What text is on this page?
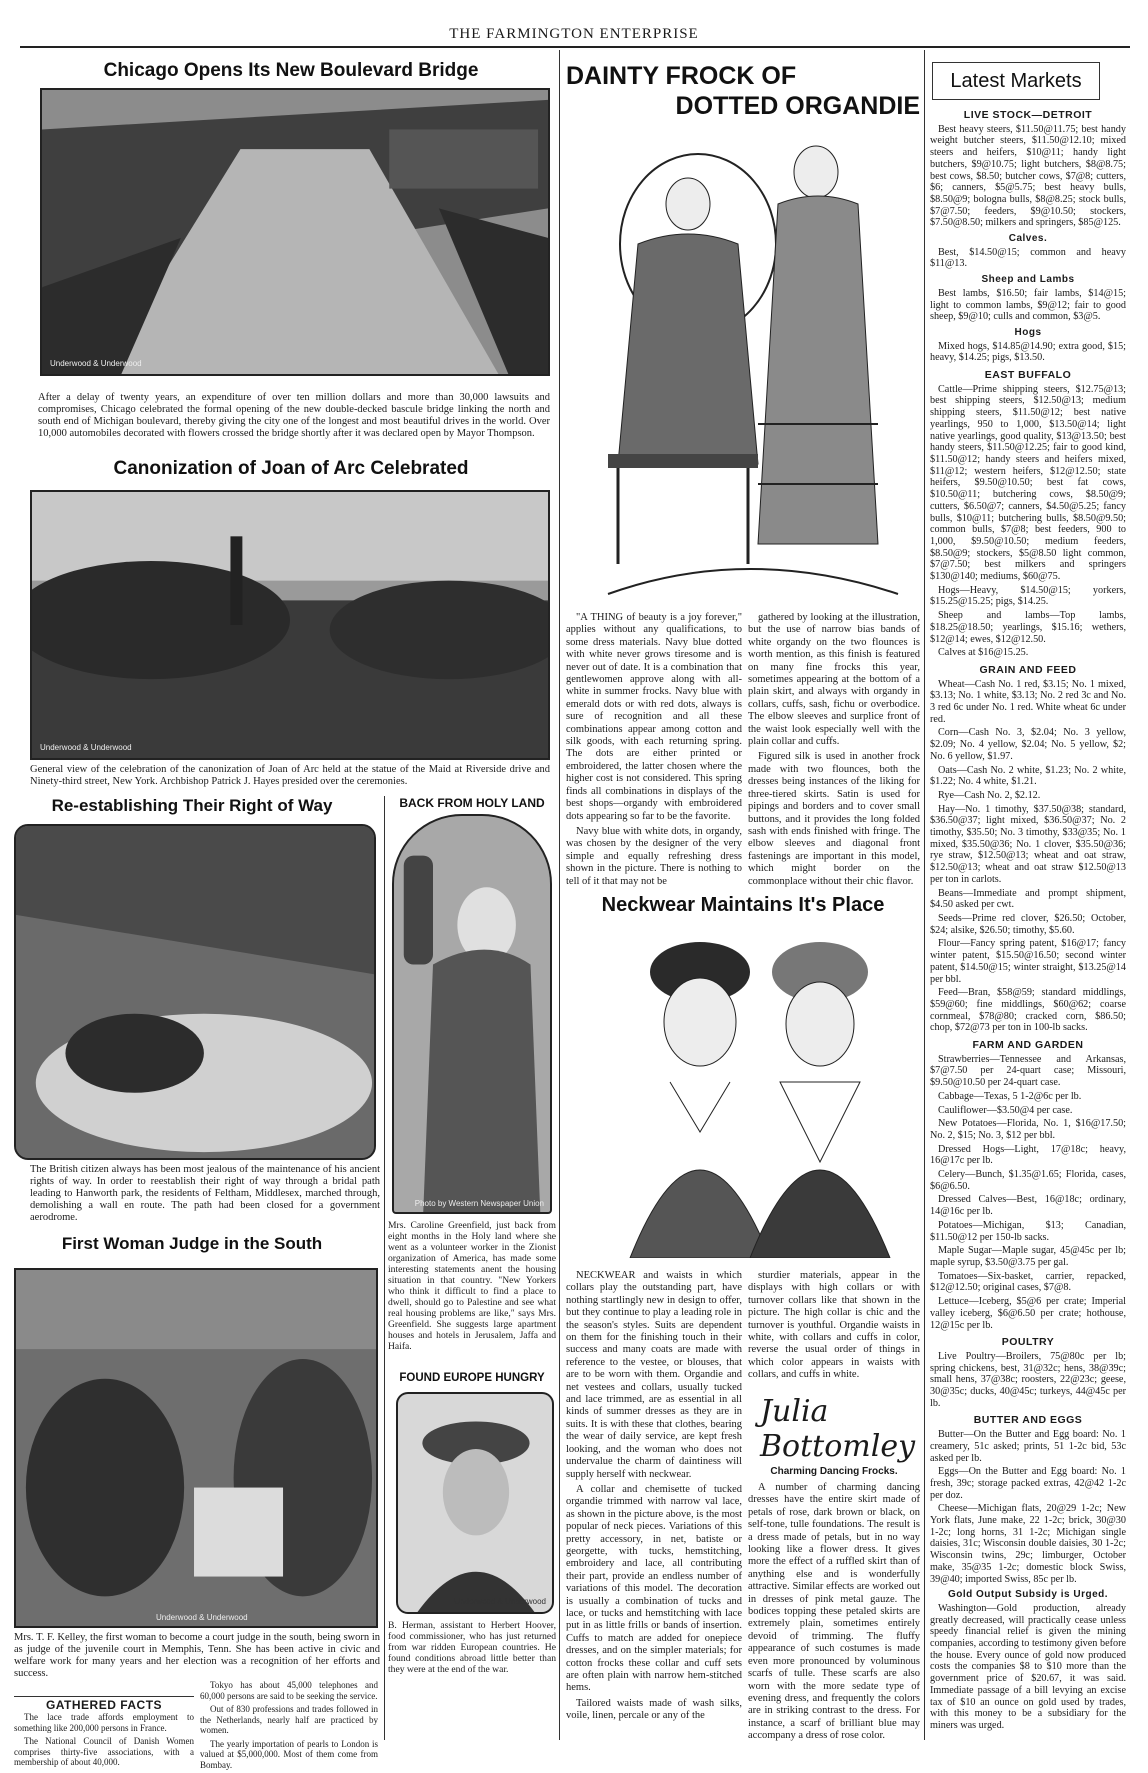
THE FARMINGTON ENTERPRISE
Chicago Opens Its New Boulevard Bridge
Underwood & Underwood
After a delay of twenty years, an expenditure of over ten million dollars and more than 30,000 lawsuits and compromises, Chicago celebrated the formal opening of the new double-decked bascule bridge linking the north and south end of Michigan boulevard, thereby giving the city one of the longest and most beautiful drives in the world. Over 10,000 automobiles decorated with flowers crossed the bridge shortly after it was declared open by Mayor Thompson.
Canonization of Joan of Arc Celebrated
Underwood & Underwood
General view of the celebration of the canonization of Joan of Arc held at the statue of the Maid at Riverside drive and Ninety-third street, New York. Archbishop Patrick J. Hayes presided over the ceremonies.
Re-establishing Their Right of Way
The British citizen always has been most jealous of the maintenance of his ancient rights of way. In order to reestablish their right of way through a bridal path leading to Hanworth park, the residents of Feltham, Middlesex, marched through, demolishing a wall en route. The path had been closed for a government aerodrome.
First Woman Judge in the South
Underwood & Underwood
Mrs. T. F. Kelley, the first woman to become a court judge in the south, being sworn in as judge of the juvenile court in Memphis, Tenn. She has been active in civic and welfare work for many years and her election was a recognition of her efforts and success.
GATHERED FACTS

The lace trade affords employment to something like 200,000 persons in France.

The National Council of Danish Women comprises thirty-five associations, with a membership of about 40,000.

Tokyo has about 45,000 telephones and 60,000 persons are said to be seeking the service.

Out of 830 professions and trades followed in the Netherlands, nearly half are practiced by women.

The yearly importation of pearls to London is valued at $5,000,000. Most of them come from Bombay.

BACK FROM HOLY LAND
Photo by Western Newspaper Union
Mrs. Caroline Greenfield, just back from eight months in the Holy land where she went as a volunteer worker in the Zionist organization of America, has made some interesting statements anent the housing situation in that country. "New Yorkers who think it difficult to find a place to dwell, should go to Palestine and see what real housing problems are like," says Mrs. Greenfield. She suggests large apartment houses and hotels in Jerusalem, Jaffa and Haifa.
FOUND EUROPE HUNGRY
Underwood & Underwood
B. Herman, assistant to Herbert Hoover, food commissioner, who has just returned from war ridden European countries. He found conditions abroad little better than they were at the end of the war.
DAINTY FROCK OF
DOTTED ORGANDIE

"A THING of beauty is a joy forever," applies without any qualifications, to some dress materials. Navy blue dotted with white never grows tiresome and is never out of date. It is a combination that gentlewomen approve along with all-white in summer frocks. Navy blue with emerald dots or with red dots, always is sure of recognition and all these combinations appear among cotton and silk goods, with each returning spring. The dots are either printed or embroidered, the latter chosen where the higher cost is not considered. This spring finds all combinations in displays of the best shops—organdy with embroidered dots appearing so far to be the favorite.

Navy blue with white dots, in organdy, was chosen by the designer of the very simple and equally refreshing dress shown in the picture. There is nothing to tell of it that may not be

gathered by looking at the illustration, but the use of narrow bias bands of white organdy on the two flounces is worth mention, as this finish is featured on many fine frocks this year, sometimes appearing at the bottom of a plain skirt, and always with organdy in collars, cuffs, sash, fichu or overbodice. The elbow sleeves and surplice front of the waist look especially well with the plain collar and cuffs.

Figured silk is used in another frock made with two flounces, both the dresses being instances of the liking for three-tiered skirts. Satin is used for pipings and borders and to cover small buttons, and it provides the long folded sash with ends finished with fringe. The elbow sleeves and diagonal front fastenings are important in this model, which might border on the commonplace without their chic flavor.

Neckwear Maintains It's Place

NECKWEAR and waists in which collars play the outstanding part, have nothing startlingly new in design to offer, but they continue to play a leading role in the season's styles. Suits are dependent on them for the finishing touch in their success and many coats are made with reference to the vestee, or blouses, that are to be worn with them. Organdie and net vestees and collars, usually tucked and lace trimmed, are as essential in all kinds of summer dresses as they are in suits. It is with these that clothes, bearing the wear of daily service, are kept fresh looking, and the woman who does not undervalue the charm of daintiness will supply herself with neckwear.

A collar and chemisette of tucked organdie trimmed with narrow val lace, as shown in the picture above, is the most popular of neck pieces. Variations of this pretty accessory, in net, batiste or georgette, with tucks, hemstitching, embroidery and lace, all contributing their part, provide an endless number of variations of this model. The decoration is usually a combination of tucks and lace, or tucks and hemstitching with lace put in as little frills or bands of insertion. Cuffs to match are added for onepiece dresses, and on the simpler materials; for cotton frocks these collar and cuff sets are often plain with narrow hem-stitched hems.

Tailored waists made of wash silks, voile, linen, percale or any of the

sturdier materials, appear in the displays with high collars or with turnover collars like that shown in the picture. The high collar is chic and the turnover is youthful. Organdie waists in white, with collars and cuffs in color, reverse the usual order of things in which color appears in waists with collars, and cuffs in white.

Julia Bottomley
Charming Dancing Frocks.

A number of charming dancing dresses have the entire skirt made of petals of rose, dark brown or black, on self-tone, tulle foundations. The result is a dress made of petals, but in no way looking like a flower dress. It gives more the effect of a ruffled skirt than of anything else and is wonderfully attractive. Similar effects are worked out in dresses of pink metal gauze. The bodices topping these petaled skirts are extremely plain, sometimes entirely devoid of trimming. The fluffy appearance of such costumes is made even more pronounced by voluminous scarfs of tulle. These scarfs are also worn with the more sedate type of evening dress, and frequently the colors are in striking contrast to the dress. For instance, a scarf of brilliant blue may accompany a dress of rose color.

Latest Markets
LIVE STOCK—DETROIT

Best heavy steers, $11.50@11.75; best handy weight butcher steers, $11.50@12.10; mixed steers and heifers, $10@11; handy light butchers, $9@10.75; light butchers, $8@8.75; best cows, $8.50; butcher cows, $7@8; cutters, $6; canners, $5@5.75; best heavy bulls, $8.50@9; bologna bulls, $8@8.25; stock bulls, $7@7.50; feeders, $9@10.50; stockers, $7.50@8.50; milkers and springers, $85@125.

Calves.

Best, $14.50@15; common and heavy $11@13.

Sheep and Lambs

Best lambs, $16.50; fair lambs, $14@15; light to common lambs, $9@12; fair to good sheep, $9@10; culls and common, $3@5.

Hogs

Mixed hogs, $14.85@14.90; extra good, $15; heavy, $14.25; pigs, $13.50.

EAST BUFFALO

Cattle—Prime shipping steers, $12.75@13; best shipping steers, $12.50@13; medium shipping steers, $11.50@12; best native yearlings, 950 to 1,000, $13.50@14; light native yearlings, good quality, $13@13.50; best handy steers, $11.50@12.25; fair to good kind, $11.50@12; handy steers and heifers mixed, $11@12; western heifers, $12@12.50; state heifers, $9.50@10.50; best fat cows, $10.50@11; butchering cows, $8.50@9; cutters, $6.50@7; canners, $4.50@5.25; fancy bulls, $10@11; butchering bulls, $8.50@9.50; common bulls, $7@8; best feeders, 900 to 1,000, $9.50@10.50; medium feeders, $8.50@9; stockers, $5@8.50 light common, $7@7.50; best milkers and springers $130@140; mediums, $60@75.

Hogs—Heavy, $14.50@15; yorkers, $15.25@15.25; pigs, $14.25.

Sheep and lambs—Top lambs, $18.25@18.50; yearlings, $15.16; wethers, $12@14; ewes, $12@12.50.

Calves at $16@15.25.

GRAIN AND FEED

Wheat—Cash No. 1 red, $3.15; No. 1 mixed, $3.13; No. 1 white, $3.13; No. 2 red 3c and No. 3 red 6c under No. 1 red. White wheat 6c under red.

Corn—Cash No. 3, $2.04; No. 3 yellow, $2.09; No. 4 yellow, $2.04; No. 5 yellow, $2; No. 6 yellow, $1.97.

Oats—Cash No. 2 white, $1.23; No. 2 white, $1.22; No. 4 white, $1.21.

Rye—Cash No. 2, $2.12.

Hay—No. 1 timothy, $37.50@38; standard, $36.50@37; light mixed, $36.50@37; No. 2 timothy, $35.50; No. 3 timothy, $33@35; No. 1 mixed, $35.50@36; No. 1 clover, $35.50@36; rye straw, $12.50@13; wheat and oat straw, $12.50@13; wheat and oat straw $12.50@13 per ton in carlots.

Beans—Immediate and prompt shipment, $4.50 asked per cwt.

Seeds—Prime red clover, $26.50; October, $24; alsike, $26.50; timothy, $5.60.

Flour—Fancy spring patent, $16@17; fancy winter patent, $15.50@16.50; second winter patent, $14.50@15; winter straight, $13.25@14 per bbl.

Feed—Bran, $58@59; standard middlings, $59@60; fine middlings, $60@62; coarse cornmeal, $78@80; cracked corn, $86.50; chop, $72@73 per ton in 100-lb sacks.

FARM AND GARDEN

Strawberries—Tennessee and Arkansas, $7@7.50 per 24-quart case; Missouri, $9.50@10.50 per 24-quart case.

Cabbage—Texas, 5 1-2@6c per lb.

Cauliflower—$3.50@4 per case.

New Potatoes—Florida, No. 1, $16@17.50; No. 2, $15; No. 3, $12 per bbl.

Dressed Hogs—Light, 17@18c; heavy, 16@17c per lb.

Celery—Bunch, $1.35@1.65; Florida, cases, $6@6.50.

Dressed Calves—Best, 16@18c; ordinary, 14@16c per lb.

Potatoes—Michigan, $13; Canadian, $11.50@12 per 150-lb sacks.

Maple Sugar—Maple sugar, 45@45c per lb; maple syrup, $3.50@3.75 per gal.

Tomatoes—Six-basket, carrier, repacked, $12@12.50; original cases, $7@8.

Lettuce—Iceberg, $5@6 per crate; Imperial valley iceberg, $6@6.50 per crate; hothouse, 12@15c per lb.

POULTRY

Live Poultry—Broilers, 75@80c per lb; spring chickens, best, 31@32c; hens, 38@39c; small hens, 37@38c; roosters, 22@23c; geese, 30@35c; ducks, 40@45c; turkeys, 44@45c per lb.

BUTTER AND EGGS

Butter—On the Butter and Egg board: No. 1 creamery, 51c asked; prints, 51 1-2c bid, 53c asked per lb.

Eggs—On the Butter and Egg board: No. 1 fresh, 39c; storage packed extras, 42@42 1-2c per doz.

Cheese—Michigan flats, 20@29 1-2c; New York flats, June make, 22 1-2c; brick, 30@30 1-2c; long horns, 31 1-2c; Michigan single daisies, 31c; Wisconsin double daisies, 30 1-2c; Wisconsin twins, 29c; limburger, October make, 35@35 1-2c; domestic block Swiss, 39@40; imported Swiss, 85c per lb.

Gold Output Subsidy is Urged.

Washington—Gold production, already greatly decreased, will practically cease unless speedy financial relief is given the mining companies, according to testimony given before the house. Every ounce of gold now produced costs the companies $8 to $10 more than the government price of $20.67, it was said. Immediate passage of a bill levying an excise tax of $10 an ounce on gold used by trades, with this money to be a subsidiary for the miners was urged.
